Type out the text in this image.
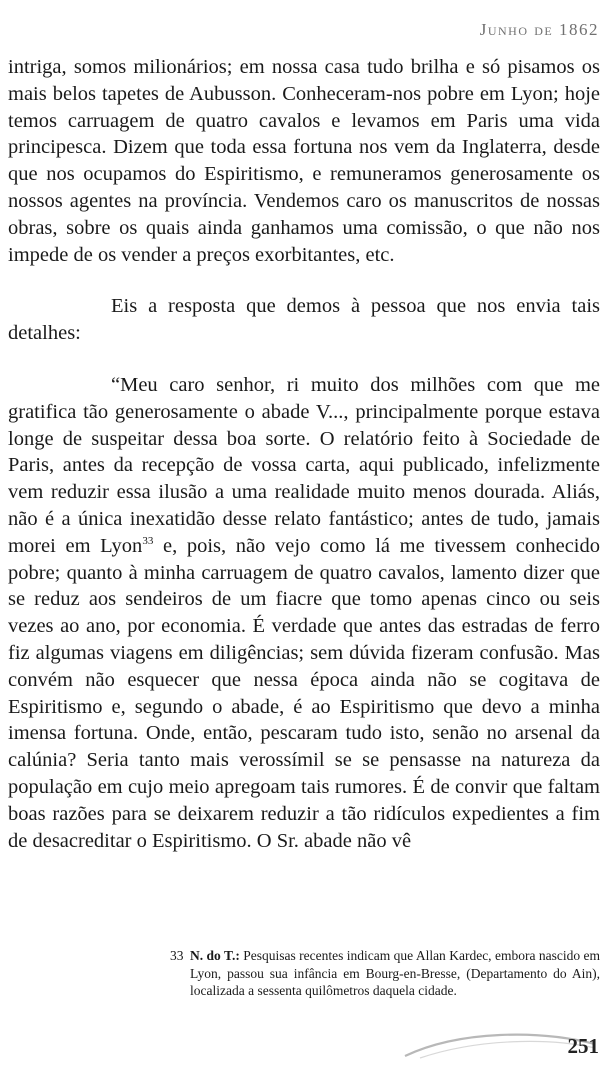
Junho de 1862

intriga, somos milionários; em nossa casa tudo brilha e só pisamos os mais belos tapetes de Aubusson. Conheceram-nos pobre em Lyon; hoje temos carruagem de quatro cavalos e levamos em Paris uma vida principesca. Dizem que toda essa fortuna nos vem da Inglaterra, desde que nos ocupamos do Espiritismo, e remuneramos generosamente os nossos agentes na província. Vendemos caro os manuscritos de nossas obras, sobre os quais ainda ganhamos uma comissão, o que não nos impede de os vender a preços exorbitantes, etc.

Eis a resposta que demos à pessoa que nos envia tais detalhes:

“Meu caro senhor, ri muito dos milhões com que me gratifica tão generosamente o abade V..., principalmente porque estava longe de suspeitar dessa boa sorte. O relatório feito à Sociedade de Paris, antes da recepção de vossa carta, aqui publicado, infelizmente vem reduzir essa ilusão a uma realidade muito menos dourada. Aliás, não é a única inexatidão desse relato fantástico; antes de tudo, jamais morei em Lyon$^{33}$ e, pois, não vejo como lá me tivessem conhecido pobre; quanto à minha carruagem de quatro cavalos, lamento dizer que se reduz aos sendeiros de um fiacre que tomo apenas cinco ou seis vezes ao ano, por economia. É verdade que antes das estradas de ferro fiz algumas viagens em diligências; sem dúvida fizeram confusão. Mas convém não esquecer que nessa época ainda não se cogitava de Espiritismo e, segundo o abade, é ao Espiritismo que devo a minha imensa fortuna. Onde, então, pescaram tudo isto, senão no arsenal da calúnia? Seria tanto mais verossímil se se pensasse na natureza da população em cujo meio apregoam tais rumores. É de convir que faltam boas razões para se deixarem reduzir a tão ridículos expedientes a fim de desacreditar o Espiritismo. O Sr. abade não vê

33 N. do T.: Pesquisas recentes indicam que Allan Kardec, embora nascido em Lyon, passou sua infância em Bourg-en-Bresse, (Departamento do Ain), localizada a sessenta quilômetros daquela cidade.
251
